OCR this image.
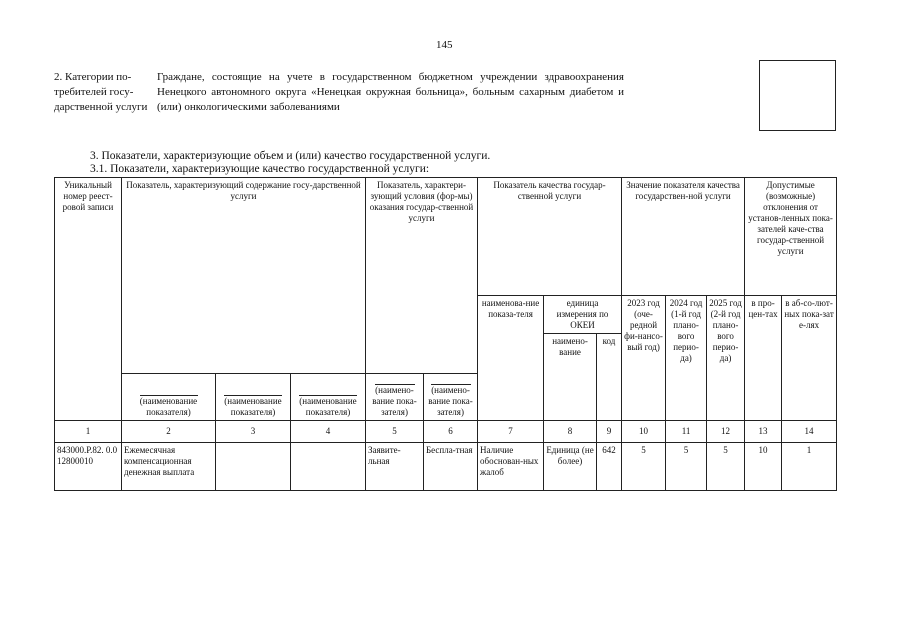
145
2. Категории по-требителей госу-дарственной услуги
Граждане, состоящие на учете в государственном бюджетном учреждении здравоохранения Ненецкого автономного округа «Ненецкая окружная больница», больным сахарным диабетом и (или) онкологическими заболеваниями
3. Показатели, характеризующие объем и (или) качество государственной услуги.
3.1. Показатели, характеризующие качество государственной услуги:
Уникальный номер реест-ровой записи	Показатель, характеризующий содержание госу-дарственной услуги			Показатель, характери-зующий условия (фор-мы) оказания государ-ственной услуги		Показатель качества государ-ственной услуги			Значение показателя качества государствен-ной услуги			Допустимые (возможные) отклонения от установ-ленных пока-зателей каче-ства государ-ственной услуги	
						наименова-ние показа-теля	единица измерения по ОКЕИ		2023 год (оче-редной фи-нансо-вый год)	2024 год (1-й год плано-вого перио-да)	2025 год (2-й год плано-вого перио-да)	в про-цен-тах	в аб-со-лют-ных пока-зате-лях
							наимено-вание	код					

	(наименование показателя)	(наименование показателя)	(наименование показателя)	(наимено-вание пока-зателя)	(наимено-вание пока-зателя)								

1	2	3	4	5	6	7	8	9	10	11	12	13	14
843000.Р.82. 0.012800010	Ежемесячная компенсационная денежная выплата			Заявите-льная	Беспла-тная	Наличие обоснован-ных жалоб	Единица (не более)	642	5	5	5	10	1
